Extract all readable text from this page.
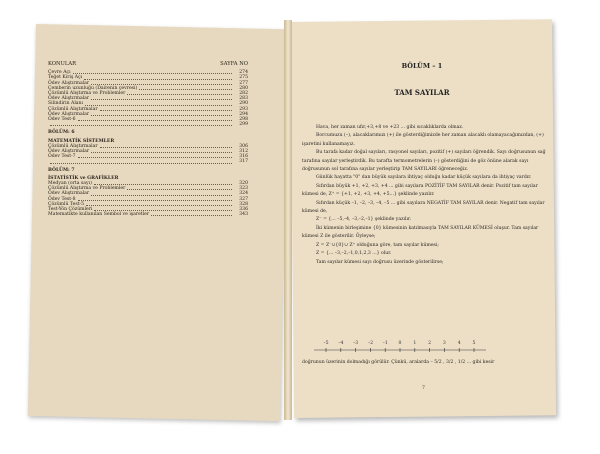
KONULAR	SAYFA NO
Çevre Açı	274
Teğet Kiriş Açı	275
Ödev Alıştırmalar	277
Çemberin uzunluğu (Dairenin çevresi)	280
Çözümlü Alıştırma ve Problemler	282
Ödev Alıştırmalar	283
Silindirin Alanı	290
Çözümlü Alıştırmalar	293
Ödev Alıştırmalar	294
Ödev Test-6	298
299
BÖLÜM: 6
MATEMATİK SİSTEMLER
Çözümlü Alıştırmalar	306
Ödev Alıştırmalar	312
Ödev Test-7	316
317
BÖLÜM: 7
İSTATİSTİK ve GRAFİKLER
Medyan (orta sayı)	320
Çözümlü Alıştırma ve Problemler	323
Ödev Alıştırmalar	324
Ödev Test-8	327
Çözümlü Test-5	328
Test-Yön Çözümleri	336
Matematikte kullanılan Sembol ve işaretler	343
BÖLÜM – 1
TAM SAYILAR

Hava, her zaman ufır,+3,+8 ve +23 ... gibi sıcaklıklarda olmaz.

Borcumuzu (–), alacaklarımızı (+) ile gösterdiğimizde her zaman alacaklı olamayacağımızdan, (+) işaretini kullanamayız.

Bu tarafa kadar doğal sayıları, rasyonel sayıları, pozitif (+) sayıları öğrendik. Sayı doğrusunun sağ tarafına sayılar yerleştirdik. Bu tarafta termometrelerin (–) gösterdiğini de göz önüne alarak sayı doğrusunun sol tarafına sayılar yerleştirip TAM SAYILARI öğreneceğiz.

Günlük hayatta "0" dan büyük sayılara ihtiyaç olduğu kadar küçük sayılara da ihtiyaç vardır.

Sıfırdan büyük +1, +2, +3, +4 ... gibi sayılara POZİTİF TAM SAYILAR denir. Pozitif tam sayılar kümesi de, Z⁺ = {+1, +2, +3, +4, +5...} şeklinde yazılır.

Sıfırdan küçük –1, –2, –3, –4, –5 ... gibi sayılara NEGATİF TAM SAYILAR denir. Negatif tam sayılar kümesi de,

Z⁻ = {... –5,–4, –3,–2,–1} şeklinde yazılır.

İki kümenin birleşimine {0} kümesinin katılmasıyla TAM SAYILAR KÜMESİ oluşur. Tam sayılar kümesi Z ile gösterilir. Öyleyse;

Z = Z⁻∪{0}∪ Z⁺ olduğuna göre, tam sayılar kümesi;

Z = {... –3,–2,–1,0,1,2,3 ...} olur.

Tam sayılar kümesi sayı doğrusu üzerinde gösterilirse;

–5 –4 –3 –2 –1 0	1	2	3	4	5
doğrunun üzerinin dolmadığı görülür. Çünkü, aralarda – 5/2 , 3/2 , 1/2 ... gibi kesir
7
